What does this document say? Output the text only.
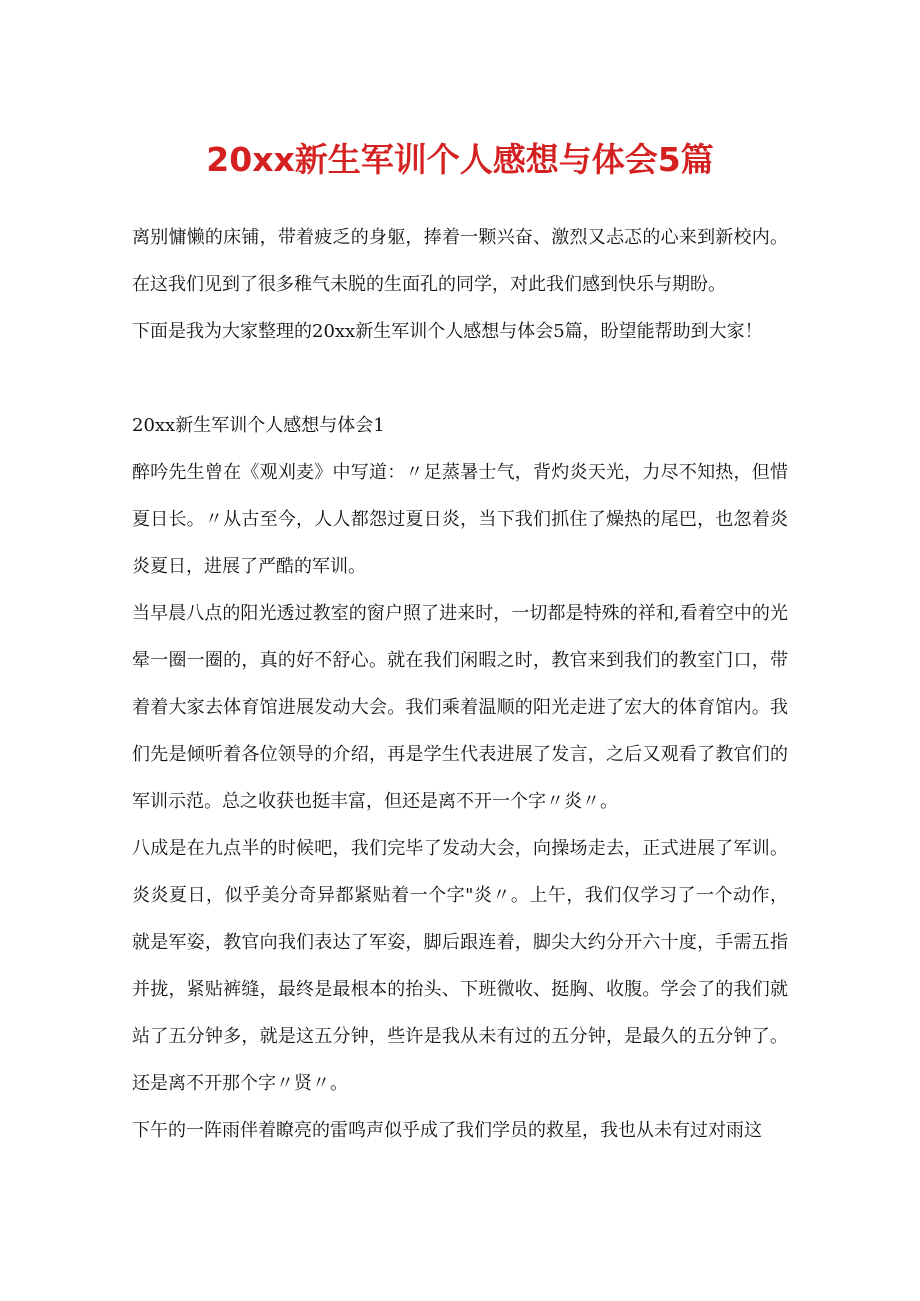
20xx新生军训个人感想与体会5篇

离别慵懒的床铺，带着疲乏的身躯，捧着一颗兴奋、激烈又忐忑的心来到新校内。在这我们见到了很多稚气未脱的生面孔的同学，对此我们感到快乐与期盼。

下面是我为大家整理的20xx新生军训个人感想与体会5篇，盼望能帮助到大家！

20xx新生军训个人感想与体会1

醉吟先生曾在《观刈麦》中写道：〃足蒸暑士气，背灼炎天光，力尽不知热，但惜夏日长。〃从古至今，人人都怨过夏日炎，当下我们抓住了燥热的尾巴，也忽着炎炎夏日，进展了严酷的军训。

当早晨八点的阳光透过教室的窗户照了进来时，一切都是特殊的祥和,看着空中的光晕一圈一圈的，真的好不舒心。就在我们闲暇之时，教官来到我们的教室门口，带着着大家去体育馆进展发动大会。我们乘着温顺的阳光走进了宏大的体育馆内。我们先是倾听着各位领导的介绍，再是学生代表进展了发言，之后又观看了教官们的军训示范。总之收获也挺丰富，但还是离不开一个字〃炎〃。

八成是在九点半的时候吧，我们完毕了发动大会，向操场走去，正式进展了军训。炎炎夏日，似乎美分奇异都紧贴着一个字"炎〃。上午，我们仅学习了一个动作，就是军姿，教官向我们表达了军姿，脚后跟连着，脚尖大约分开六十度，手需五指并拢，紧贴裤缝，最终是最根本的抬头、下班微收、挺胸、收腹。学会了的我们就站了五分钟多，就是这五分钟，些许是我从未有过的五分钟，是最久的五分钟了。还是离不开那个字〃贤〃。

下午的一阵雨伴着瞭亮的雷鸣声似乎成了我们学员的救星，我也从未有过对雨这
